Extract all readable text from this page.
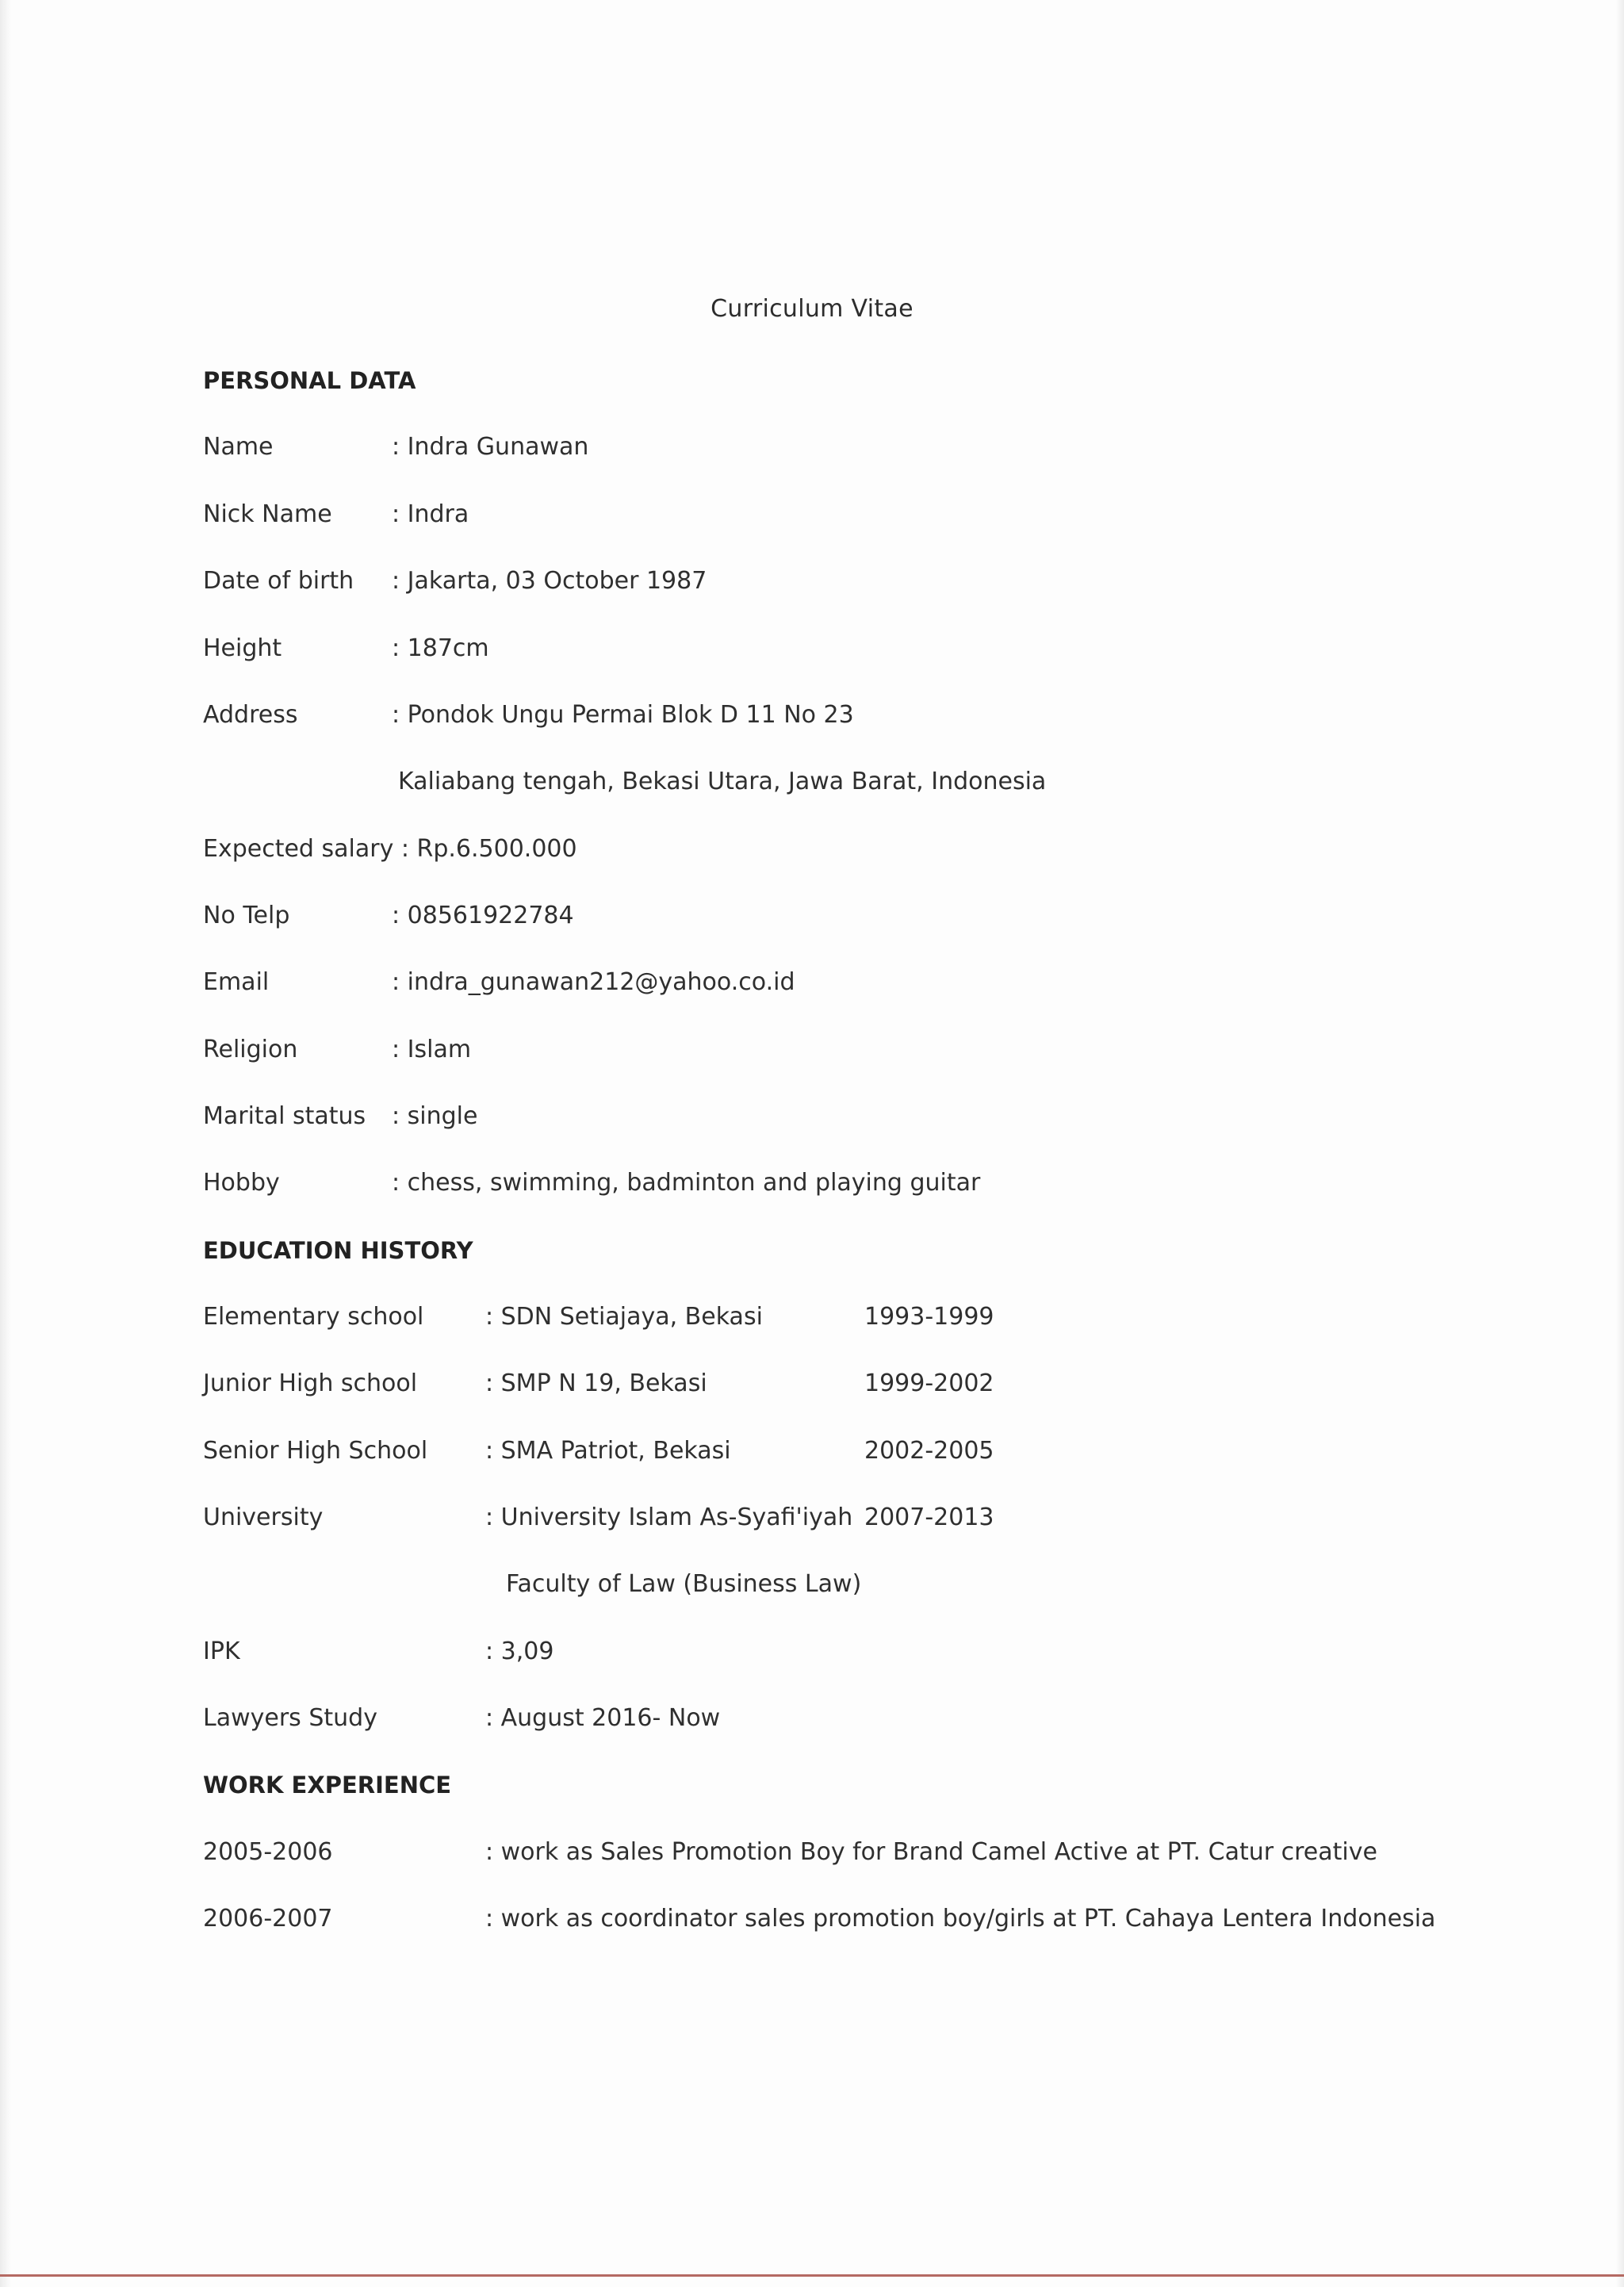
Curriculum Vitae
PERSONAL DATA
Name	: Indra Gunawan
Nick Name	: Indra
Date of birth : Jakarta, 03 October 1987
Height	: 187cm
Address	: Pondok Ungu Permai Blok D 11 No 23
Kaliabang tengah, Bekasi Utara, Jawa Barat, Indonesia
Expected salary : Rp.6.500.000
No Telp	: 08561922784
Email	: indra_gunawan212@yahoo.co.id
Religion	: Islam
Marital status : single
Hobby	: chess, swimming, badminton and playing guitar
EDUCATION HISTORY
Elementary school	: SDN Setiajaya, Bekasi	1993-1999
Junior High school	: SMP N 19, Bekasi	1999-2002
Senior High School : SMA Patriot, Bekasi	2002-2005
University	: University Islam As-Syafi'iyah 2007-2013
Faculty of Law (Business Law)
IPK	: 3,09
Lawyers Study	: August 2016- Now
WORK EXPERIENCE
2005-2006	: work as Sales Promotion Boy for Brand Camel Active at PT. Catur creative
2006-2007	: work as coordinator sales promotion boy/girls at PT. Cahaya Lentera Indonesia
